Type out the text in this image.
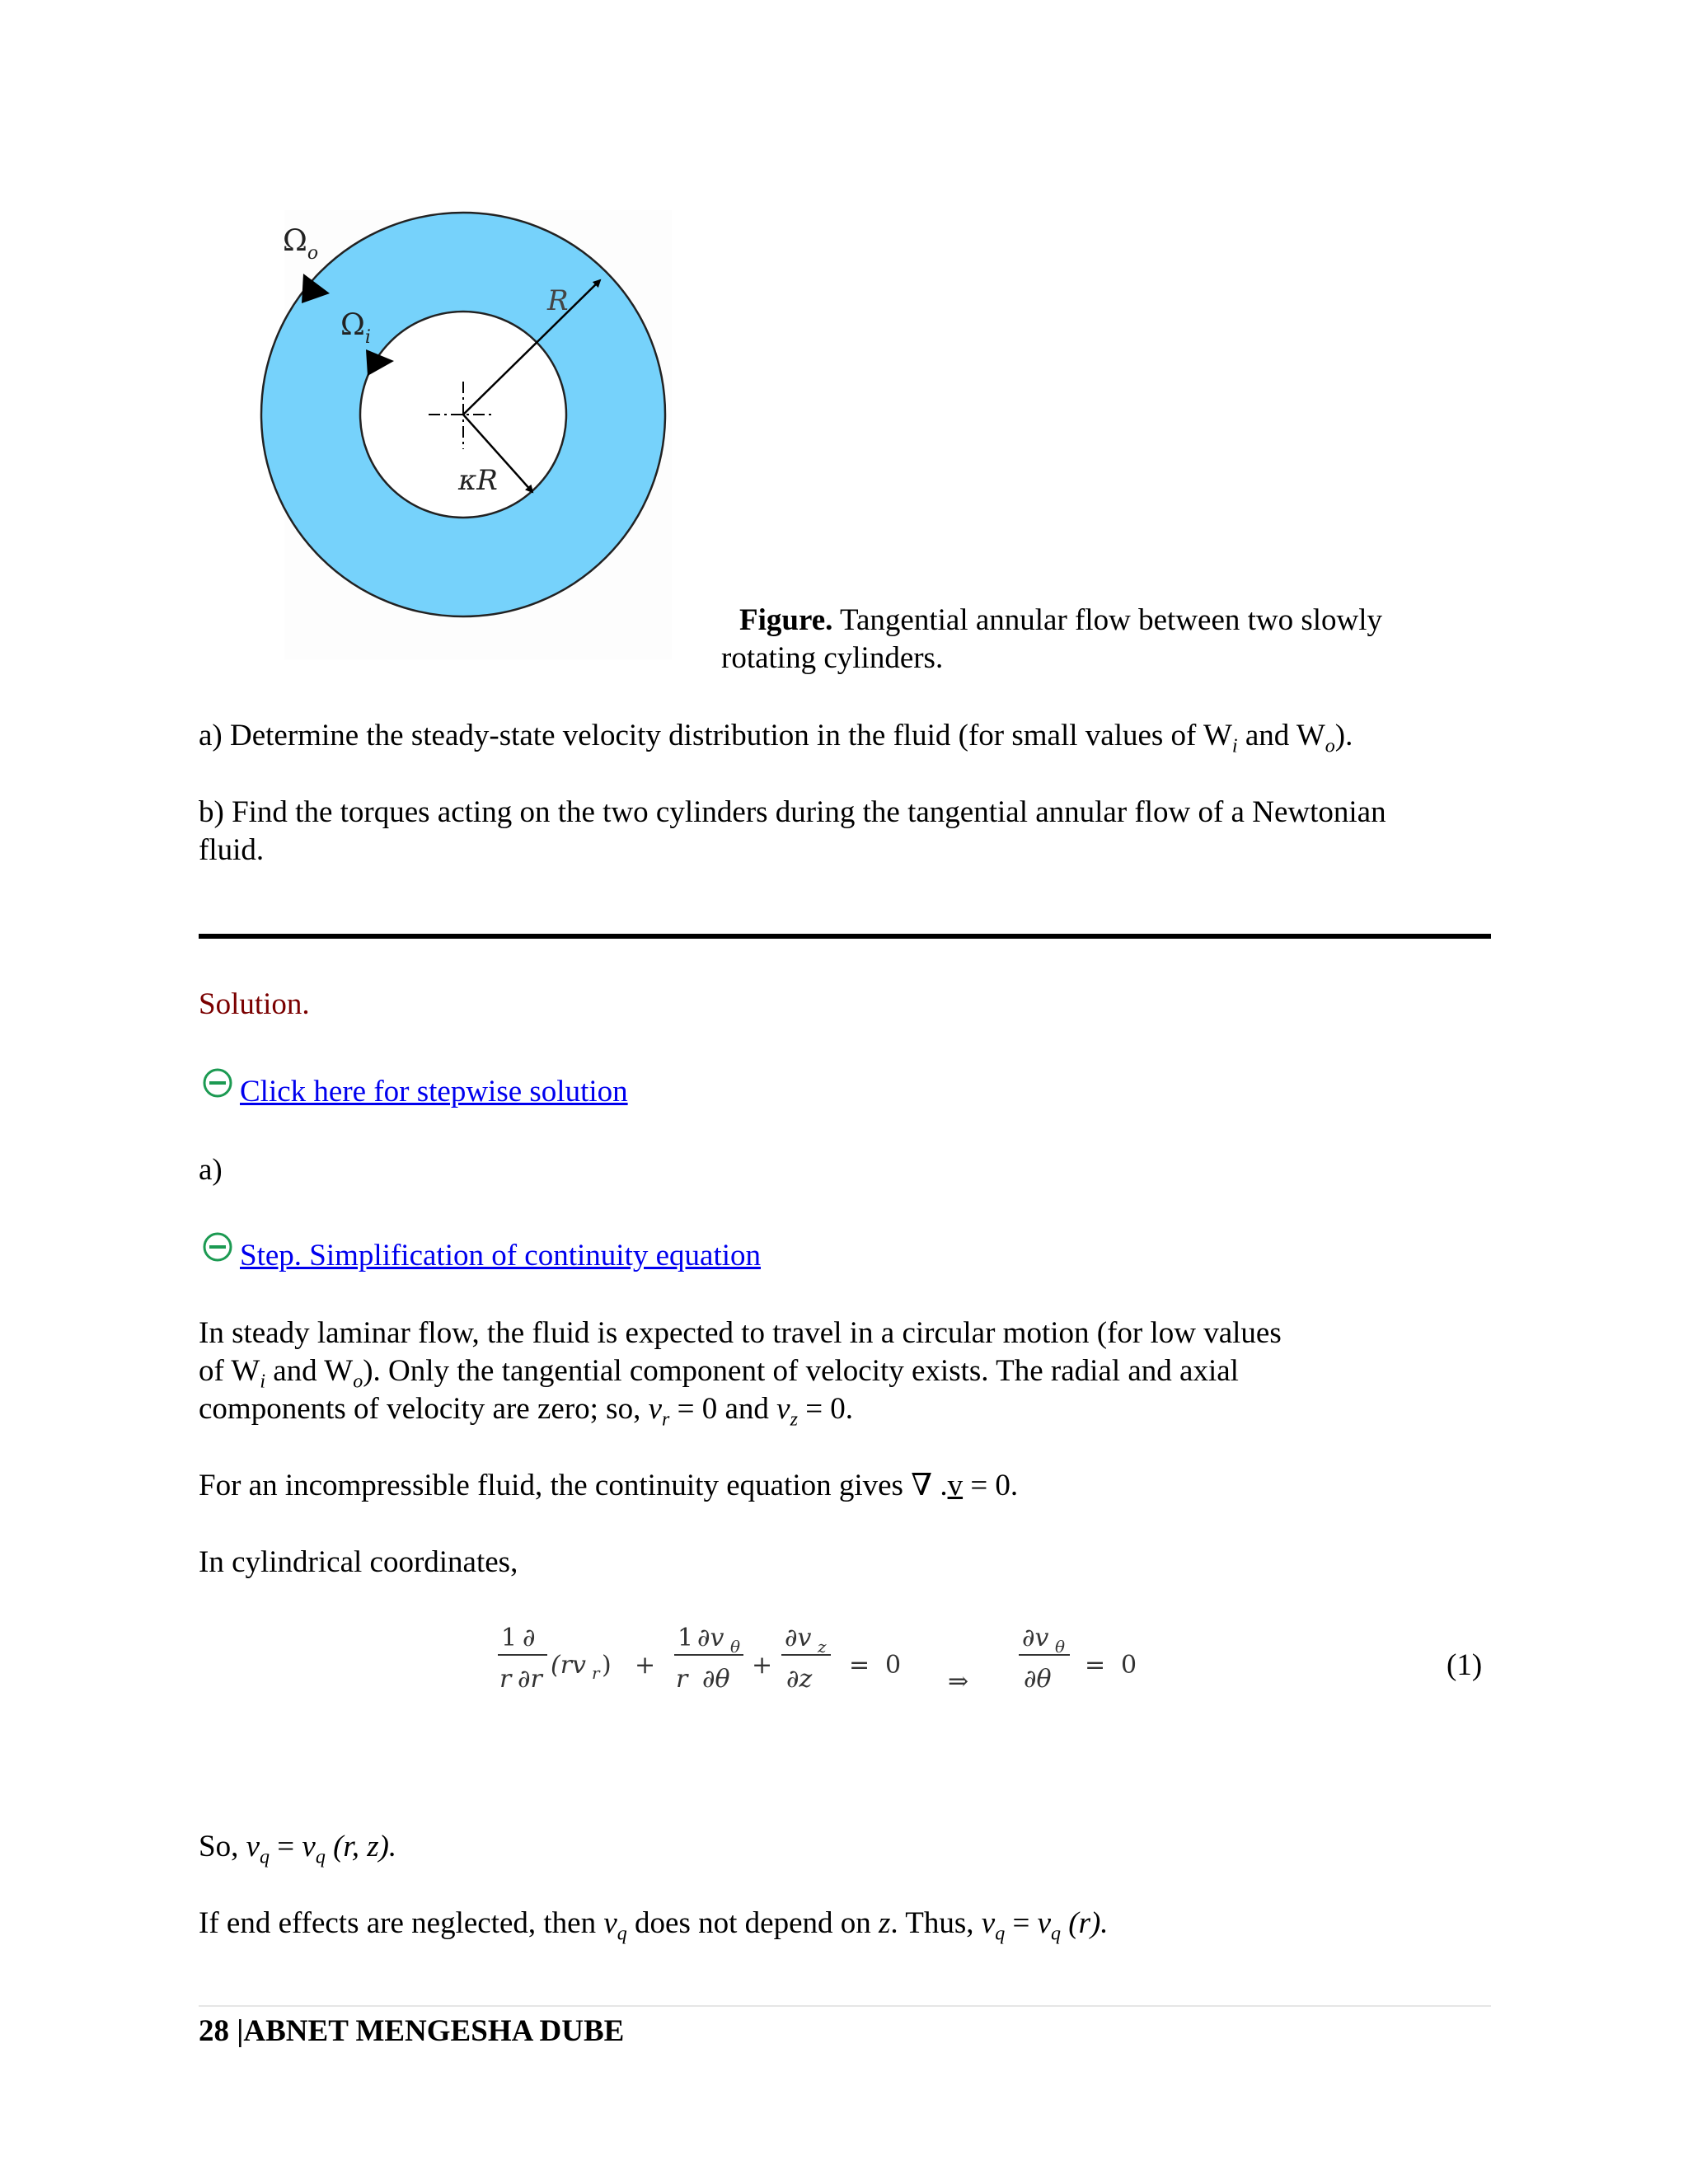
$\Omega_o$
$\Omega_i$
R
κR
Figure. Tangential annular flow between two slowly
rotating cylinders.
a) Determine the steady-state velocity distribution in the fluid (for small values of $W_i$ and $W_o$).
b) Find the torques acting on the two cylinders during the tangential annular flow of a Newtonian
fluid.
Solution.
Click here for stepwise solution
a)
Step. Simplification of continuity equation
In steady laminar flow, the fluid is expected to travel in a circular motion (for low values
of $W_i$ and $W_o$). Only the tangential component of velocity exists. The radial and axial
components of velocity are zero; so, $v_r = 0$ and $v_z = 0$.
For an incompressible fluid, the continuity equation gives ∇ .v = 0.
In cylindrical coordinates,
1 ∂
r ∂r (rv r ) +
1 ∂v θ
r ∂θ +
∂v z
∂z = 0
⇒
∂v θ
∂θ = 0	(1)
So, $v_q = v_q$ (r, z).
If end effects are neglected, then $v_q$ does not depend on z. Thus, $v_q = v_q$ (r).
28 |ABNET MENGESHA DUBE
